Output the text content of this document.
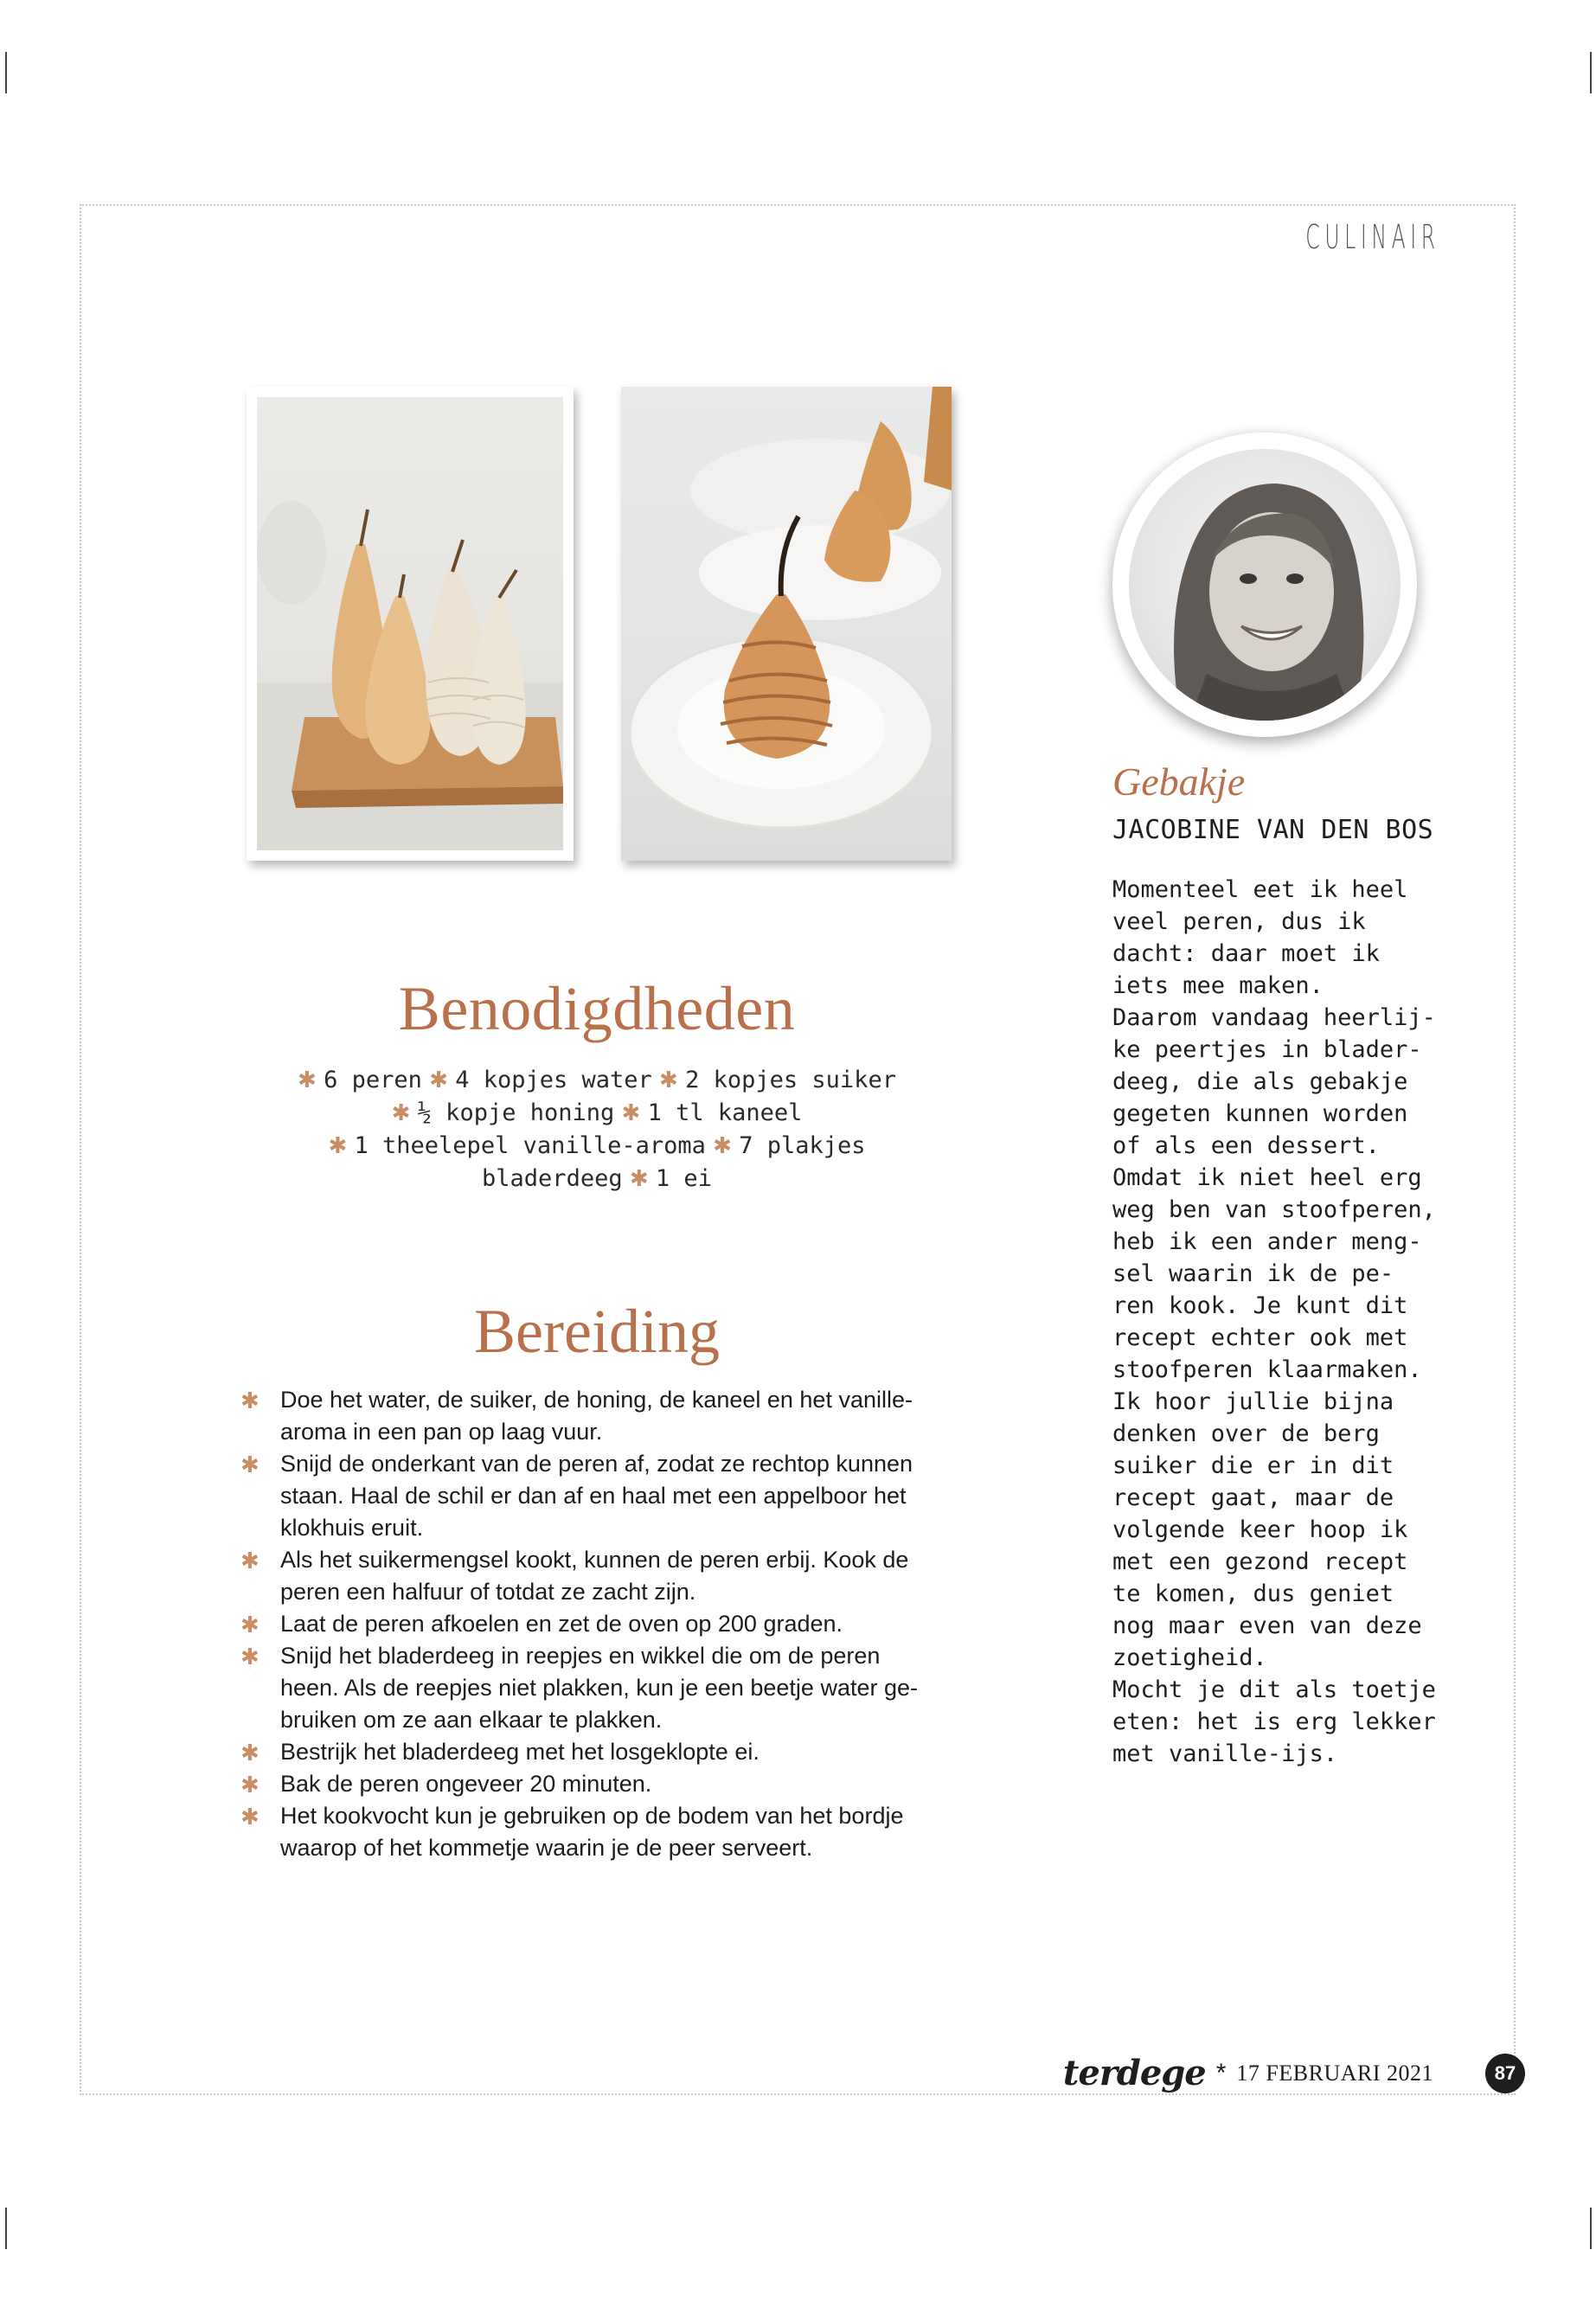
CULINAIR
Benodigdheden
✱ 6 peren ✱ 4 kopjes water ✱ 2 kopjes suiker
✱ ½ kopje honing ✱ 1 tl kaneel
✱ 1 theelepel vanille-aroma ✱ 7 plakjes
bladerdeeg ✱ 1 ei
Bereiding
✱ Doe het water, de suiker, de honing, de kaneel en het vanille-
aroma in een pan op laag vuur.
✱ Snijd de onderkant van de peren af, zodat ze rechtop kunnen
staan. Haal de schil er dan af en haal met een appelboor het
klokhuis eruit.
✱ Als het suikermengsel kookt, kunnen de peren erbij. Kook de
peren een halfuur of totdat ze zacht zijn.
✱ Laat de peren afkoelen en zet de oven op 200 graden.
✱ Snijd het bladerdeeg in reepjes en wikkel die om de peren
heen. Als de reepjes niet plakken, kun je een beetje water ge-
bruiken om ze aan elkaar te plakken.
✱ Bestrijk het bladerdeeg met het losgeklopte ei.
✱ Bak de peren ongeveer 20 minuten.
✱ Het kookvocht kun je gebruiken op de bodem van het bordje
waarop of het kommetje waarin je de peer serveert.
Gebakje
JACOBINE VAN DEN BOS
Momenteel eet ik heel
veel peren, dus ik
dacht: daar moet ik
iets mee maken.
Daarom vandaag heerlij-
ke peertjes in blader-
deeg, die als gebakje
gegeten kunnen worden
of als een dessert.
Omdat ik niet heel erg
weg ben van stoofperen,
heb ik een ander meng-
sel waarin ik de pe-
ren kook. Je kunt dit
recept echter ook met
stoofperen klaarmaken.
Ik hoor jullie bijna
denken over de berg
suiker die er in dit
recept gaat, maar de
volgende keer hoop ik
met een gezond recept
te komen, dus geniet
nog maar even van deze
zoetigheid.
Mocht je dit als toetje
eten: het is erg lekker
met vanille-ijs.
terdege * 17 FEBRUARI 2021	87
